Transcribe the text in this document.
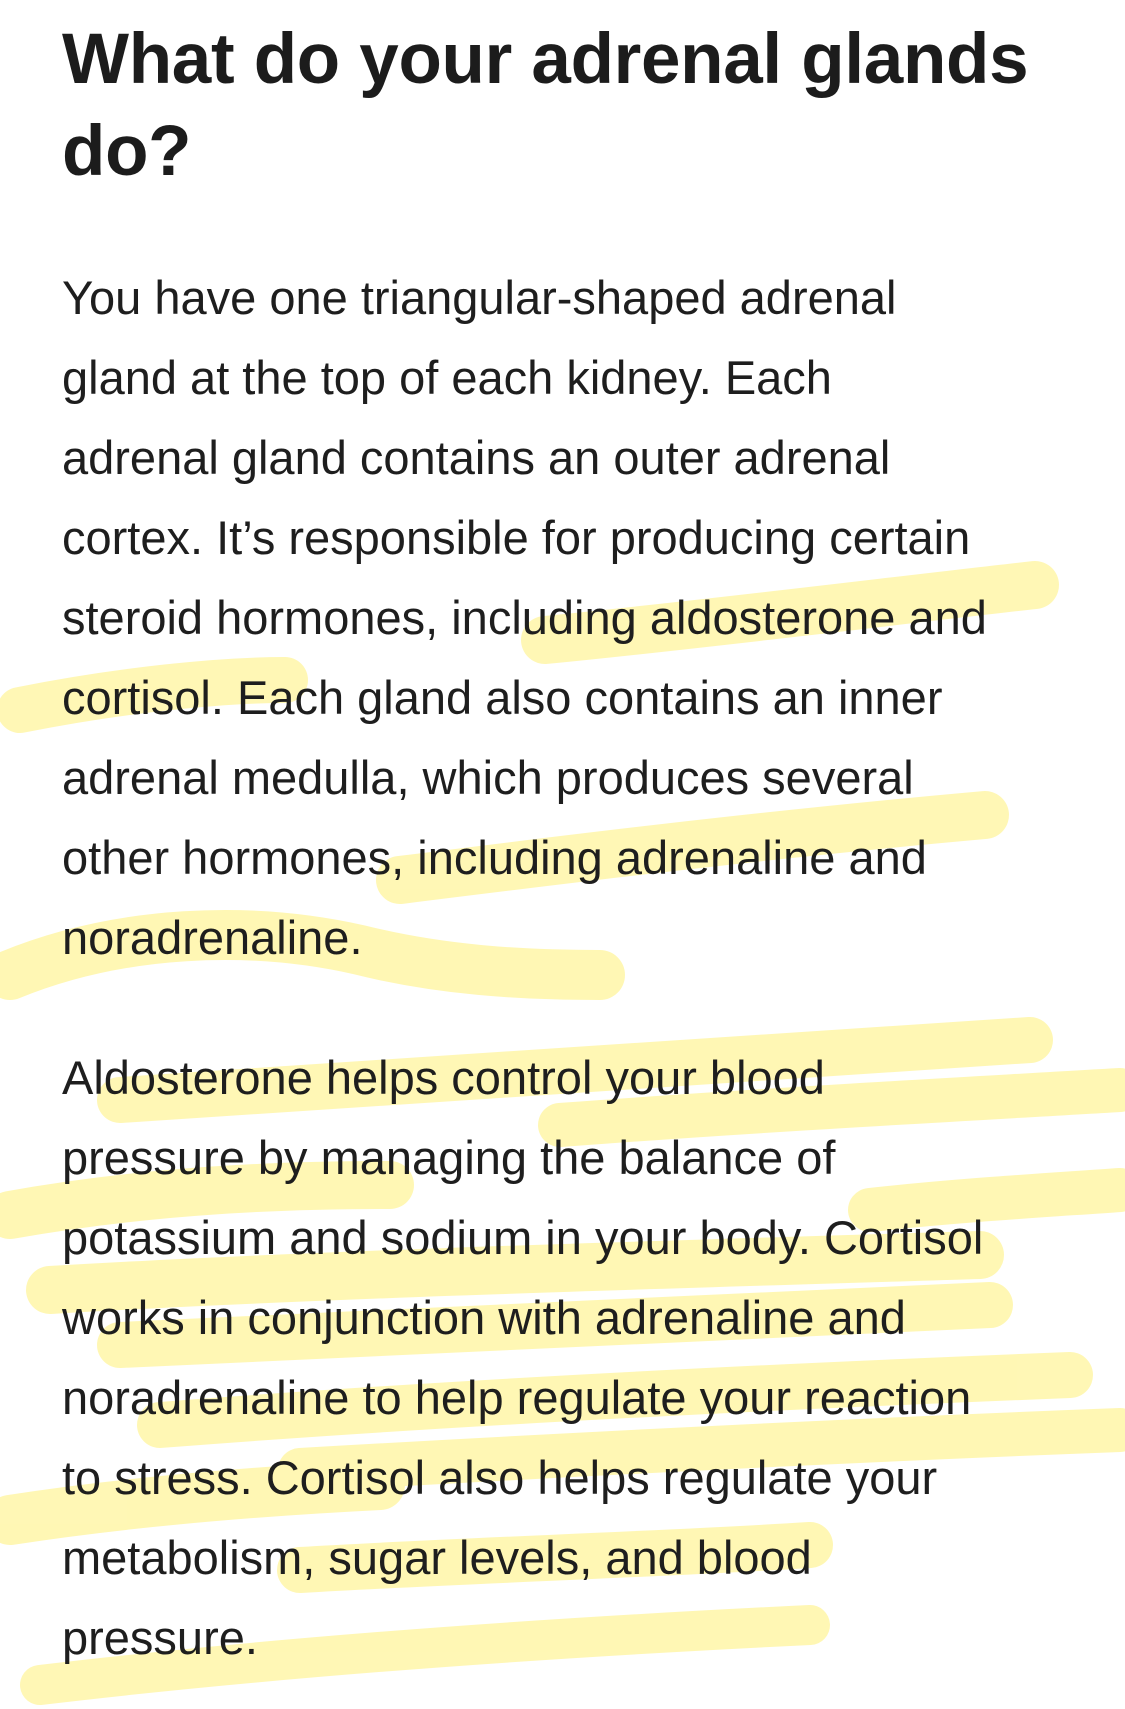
What do your adrenal glands do?

You have one triangular-shaped adrenal
gland at the top of each kidney. Each
adrenal gland contains an outer adrenal
cortex. It’s responsible for producing certain
steroid hormones, including aldosterone and
cortisol. Each gland also contains an inner
adrenal medulla, which produces several
other hormones, including adrenaline and
noradrenaline.

Aldosterone helps control your blood
pressure by managing the balance of
potassium and sodium in your body. Cortisol
works in conjunction with adrenaline and
noradrenaline to help regulate your reaction
to stress. Cortisol also helps regulate your
metabolism, sugar levels, and blood
pressure.
